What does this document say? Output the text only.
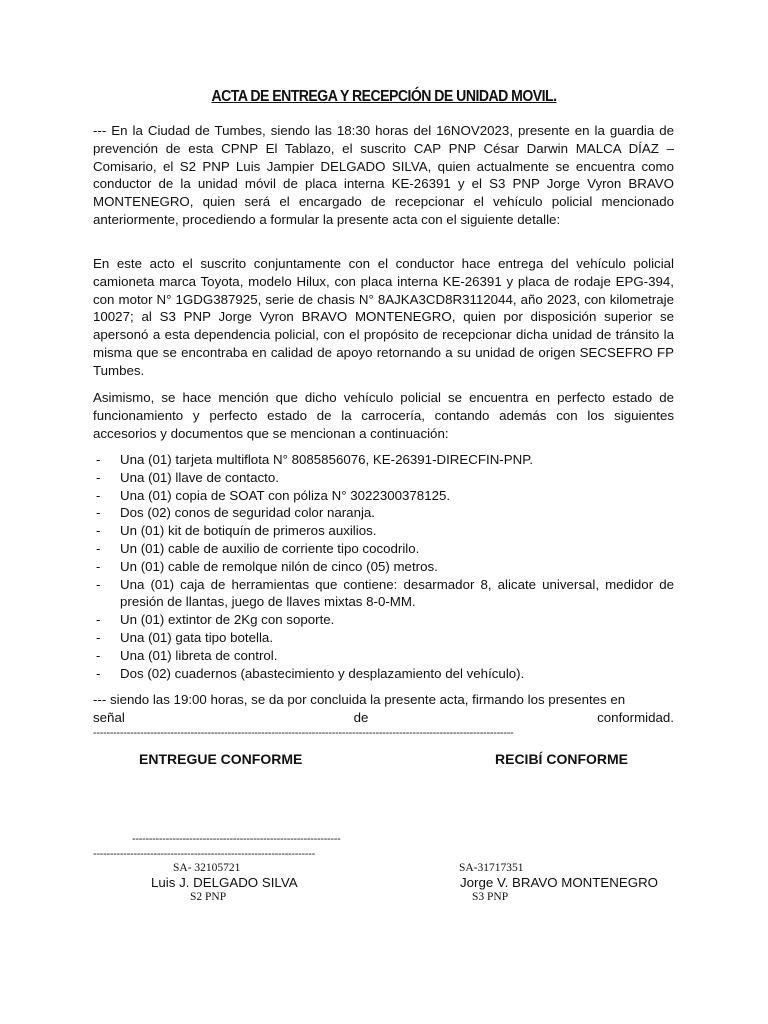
ACTA DE ENTREGA Y RECEPCIÓN DE UNIDAD MOVIL.
--- En la Ciudad de Tumbes, siendo las 18:30 horas del 16NOV2023, presente en la guardia de prevención de esta CPNP El Tablazo, el suscrito CAP PNP César Darwin MALCA DÍAZ – Comisario, el S2 PNP Luis Jampier DELGADO SILVA, quien actualmente se encuentra como conductor de la unidad móvil de placa interna KE-26391 y el S3 PNP Jorge Vyron BRAVO MONTENEGRO, quien será el encargado de recepcionar el vehículo policial mencionado anteriormente, procediendo a formular la presente acta con el siguiente detalle:
En este acto el suscrito conjuntamente con el conductor hace entrega del vehículo policial camioneta marca Toyota, modelo Hilux, con placa interna KE-26391 y placa de rodaje EPG-394, con motor N° 1GDG387925, serie de chasis N° 8AJKA3CD8R3112044, año 2023, con kilometraje 10027; al S3 PNP Jorge Vyron BRAVO MONTENEGRO, quien por disposición superior se apersonó a esta dependencia policial, con el propósito de recepcionar dicha unidad de tránsito la misma que se encontraba en calidad de apoyo retornando a su unidad de origen SECSEFRO FP Tumbes.
Asimismo, se hace mención que dicho vehículo policial se encuentra en perfecto estado de funcionamiento y perfecto estado de la carrocería, contando además con los siguientes accesorios y documentos que se mencionan a continuación:
- Una (01) tarjeta multiflota N° 8085856076, KE-26391-DIRECFIN-PNP.
- Una (01) llave de contacto.
- Una (01) copia de SOAT con póliza N° 3022300378125.
- Dos (02) conos de seguridad color naranja.
- Un (01) kit de botiquín de primeros auxilios.
- Un (01) cable de auxilio de corriente tipo cocodrilo.
- Un (01) cable de remolque nilón de cinco (05) metros.
- Una (01) caja de herramientas que contiene: desarmador 8, alicate universal, medidor de presión de llantas, juego de llaves mixtas 8-0-MM.
- Un (01) extintor de 2Kg con soporte.
- Una (01) gata tipo botella.
- Una (01) libreta de control.
- Dos (02) cuadernos (abastecimiento y desplazamiento del vehículo).
--- siendo las 19:00 horas, se da por concluida la presente acta, firmando los presentes en
señal	de	conformidad.
-----------------------------------------------------------------------------------------------------------------------------
ENTREGUE CONFORME	RECIBÍ CONFORME
--------------------------------------------------------------
------------------------------------------------------------------
SA- 32105721	SA-31717351
Luis J. DELGADO SILVA	Jorge V. BRAVO MONTENEGRO
S2 PNP	S3 PNP
